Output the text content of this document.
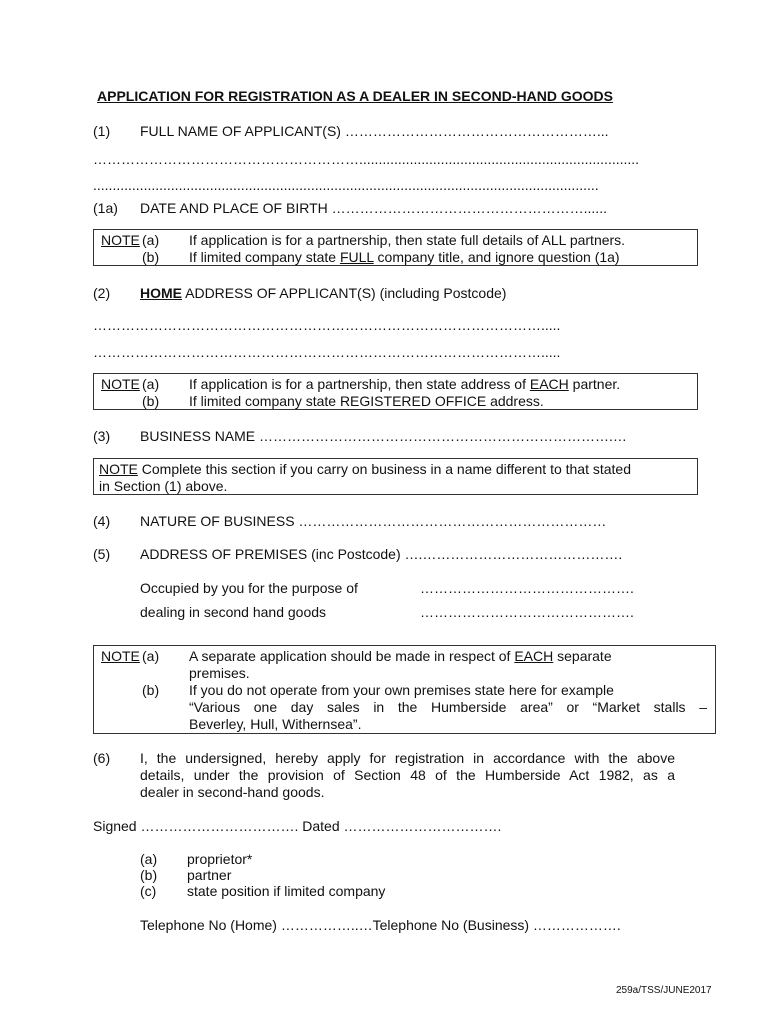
APPLICATION FOR REGISTRATION AS A DEALER IN SECOND-HAND GOODS
(1) FULL NAME OF APPLICANT(S) ………………………………………………...
…………………………………………………........................................................................
..................................................................................................................................
(1a) DATE AND PLACE OF BIRTH ………………………………………………......
NOTE (a) If application is for a partnership, then state full details of ALL partners.
(b) If limited company state FULL company title, and ignore question (1a)
(2) HOME ADDRESS OF APPLICANT(S) (including Postcode)
…………………………………………………………………………………….....
…………………………………………………………………………………….....
NOTE (a) If application is for a partnership, then state address of EACH partner.
(b) If limited company state REGISTERED OFFICE address.
(3) BUSINESS NAME ………………………………………………………………….…
NOTE Complete this section if you carry on business in a name different to that stated
in Section (1) above.
(4) NATURE OF BUSINESS …………………………………………………………
(5) ADDRESS OF PREMISES (inc Postcode) ….…………………………………….
Occupied by you for the purpose of	……………………………………….
dealing in second hand goods	……………………………………….
NOTE (a) A separate application should be made in respect of EACH separate
premises.
(b) If you do not operate from your own premises state here for example
“Various one day sales in the Humberside area” or “Market stalls –
Beverley, Hull, Withernsea”.
(6) I, the undersigned, hereby apply for registration in accordance with the above
details, under the provision of Section 48 of the Humberside Act 1982, as a
dealer in second-hand goods.
Signed ……………………………. Dated …………………………….
(a) proprietor*
(b) partner
(c) state position if limited company
Telephone No (Home) ……………..…Telephone No (Business) ……………….
259a/TSS/JUNE2017
